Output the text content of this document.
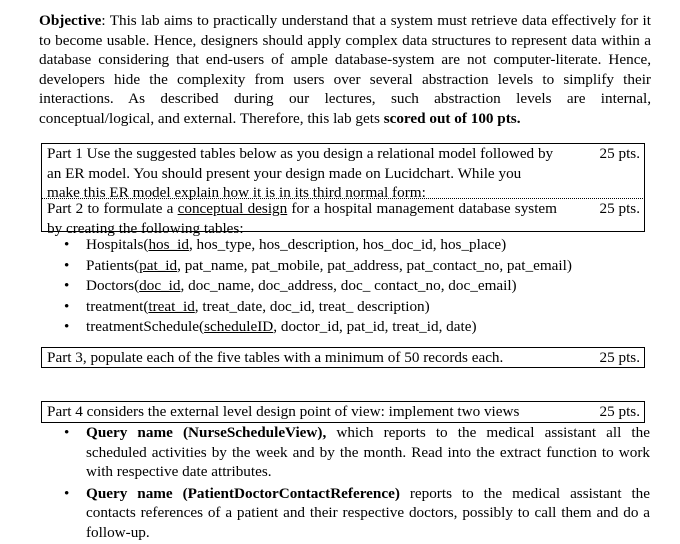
Objective: This lab aims to practically understand that a system must retrieve data effectively for it to become usable. Hence, designers should apply complex data structures to represent data within a database considering that end-users of ample database-system are not computer-literate. Hence, developers hide the complexity from users over several abstraction levels to simplify their interactions. As described during our lectures, such abstraction levels are internal, conceptual/logical, and external. Therefore, this lab gets scored out of 100 pts.
Part 1 Use the suggested tables below as you design a relational model followed by an ER model. You should present your design made on Lucidchart. While you make this ER model explain how it is in its third normal form:
25 pts.
Part 2 to formulate a conceptual design for a hospital management database system by creating the following tables:
25 pts.
• Hospitals(hos_id, hos_type, hos_description, hos_doc_id, hos_place)
• Patients(pat_id, pat_name, pat_mobile, pat_address, pat_contact_no, pat_email)
• Doctors(doc_id, doc_name, doc_address, doc_ contact_no, doc_email)
• treatment(treat_id, treat_date, doc_id, treat_ description)
• treatmentSchedule(scheduleID, doctor_id, pat_id, treat_id, date)
Part 3, populate each of the five tables with a minimum of 50 records each.	25 pts.
Part 4 considers the external level design point of view: implement two views	25 pts.
• Query name (NurseScheduleView), which reports to the medical assistant all the scheduled activities by the week and by the month. Read into the extract function to work with respective date attributes.
• Query name (PatientDoctorContactReference) reports to the medical assistant the contacts references of a patient and their respective doctors, possibly to call them and do a follow-up.
